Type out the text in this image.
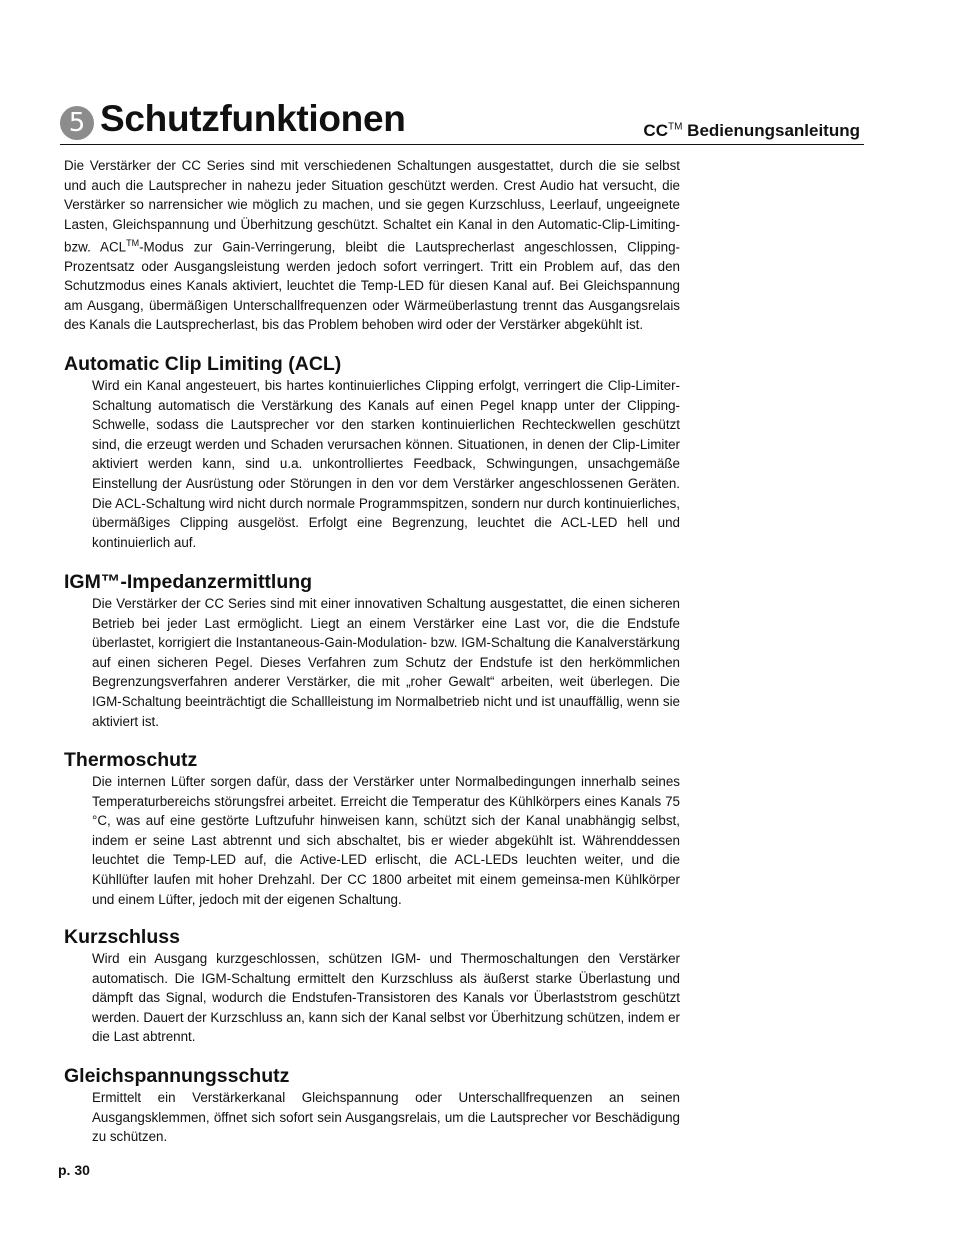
5 Schutzfunktionen	CC™ Bedienungsanleitung

Die Verstärker der CC Series sind mit verschiedenen Schaltungen ausgestattet, durch die sie selbst und auch die Lautsprecher in nahezu jeder Situation geschützt werden. Crest Audio hat versucht, die Verstärker so narrensicher wie möglich zu machen, und sie gegen Kurzschluss, Leerlauf, ungeeignete Lasten, Gleichspannung und Überhitzung geschützt. Schaltet ein Kanal in den Automatic-Clip-Limiting- bzw. ACL™-Modus zur Gain-Verringerung, bleibt die Lautsprecherlast angeschlossen, Clipping-Prozentsatz oder Ausgangsleistung werden jedoch sofort verringert. Tritt ein Problem auf, das den Schutzmodus eines Kanals aktiviert, leuchtet die Temp-LED für diesen Kanal auf. Bei Gleichspannung am Ausgang, übermäßigen Unterschallfrequenzen oder Wärmeüberlastung trennt das Ausgangsrelais des Kanals die Lautsprecherlast, bis das Problem behoben wird oder der Verstärker abgekühlt ist.

Automatic Clip Limiting (ACL)

Wird ein Kanal angesteuert, bis hartes kontinuierliches Clipping erfolgt, verringert die Clip-Limiter-Schaltung automatisch die Verstärkung des Kanals auf einen Pegel knapp unter der Clipping-Schwelle, sodass die Lautsprecher vor den starken kontinuierlichen Rechteckwellen geschützt sind, die erzeugt werden und Schaden verursachen können. Situationen, in denen der Clip-Limiter aktiviert werden kann, sind u.a. unkontrolliertes Feedback, Schwingungen, unsachgemäße Einstellung der Ausrüstung oder Störungen in den vor dem Verstärker angeschlossenen Geräten. Die ACL-Schaltung wird nicht durch normale Programmspitzen, sondern nur durch kontinuierliches, übermäßiges Clipping ausgelöst. Erfolgt eine Begrenzung, leuchtet die ACL-LED hell und kontinuierlich auf.

IGM™-Impedanzermittlung

Die Verstärker der CC Series sind mit einer innovativen Schaltung ausgestattet, die einen sicheren Betrieb bei jeder Last ermöglicht. Liegt an einem Verstärker eine Last vor, die die Endstufe überlastet, korrigiert die Instantaneous-Gain-Modulation- bzw. IGM-Schaltung die Kanalverstärkung auf einen sicheren Pegel. Dieses Verfahren zum Schutz der Endstufe ist den herkömmlichen Begrenzungsverfahren anderer Verstärker, die mit „roher Gewalt“ arbeiten, weit überlegen. Die IGM-Schaltung beeinträchtigt die Schallleistung im Normalbetrieb nicht und ist unauffällig, wenn sie aktiviert ist.

Thermoschutz

Die internen Lüfter sorgen dafür, dass der Verstärker unter Normalbedingungen innerhalb seines Temperaturbereichs störungsfrei arbeitet. Erreicht die Temperatur des Kühlkörpers eines Kanals 75 °C, was auf eine gestörte Luftzufuhr hinweisen kann, schützt sich der Kanal unabhängig selbst, indem er seine Last abtrennt und sich abschaltet, bis er wieder abgekühlt ist. Währenddessen leuchtet die Temp-LED auf, die Active-LED erlischt, die ACL-LEDs leuchten weiter, und die Kühllüfter laufen mit hoher Drehzahl. Der CC 1800 arbeitet mit einem gemeinsa-men Kühlkörper und einem Lüfter, jedoch mit der eigenen Schaltung.

Kurzschluss

Wird ein Ausgang kurzgeschlossen, schützen IGM- und Thermoschaltungen den Verstärker automatisch. Die IGM-Schaltung ermittelt den Kurzschluss als äußerst starke Überlastung und dämpft das Signal, wodurch die Endstufen-Transistoren des Kanals vor Überlaststrom geschützt werden. Dauert der Kurzschluss an, kann sich der Kanal selbst vor Überhitzung schützen, indem er die Last abtrennt.

Gleichspannungsschutz

Ermittelt ein Verstärkerkanal Gleichspannung oder Unterschallfrequenzen an seinen Ausgangsklemmen, öffnet sich sofort sein Ausgangsrelais, um die Lautsprecher vor Beschädigung zu schützen.

p. 30
